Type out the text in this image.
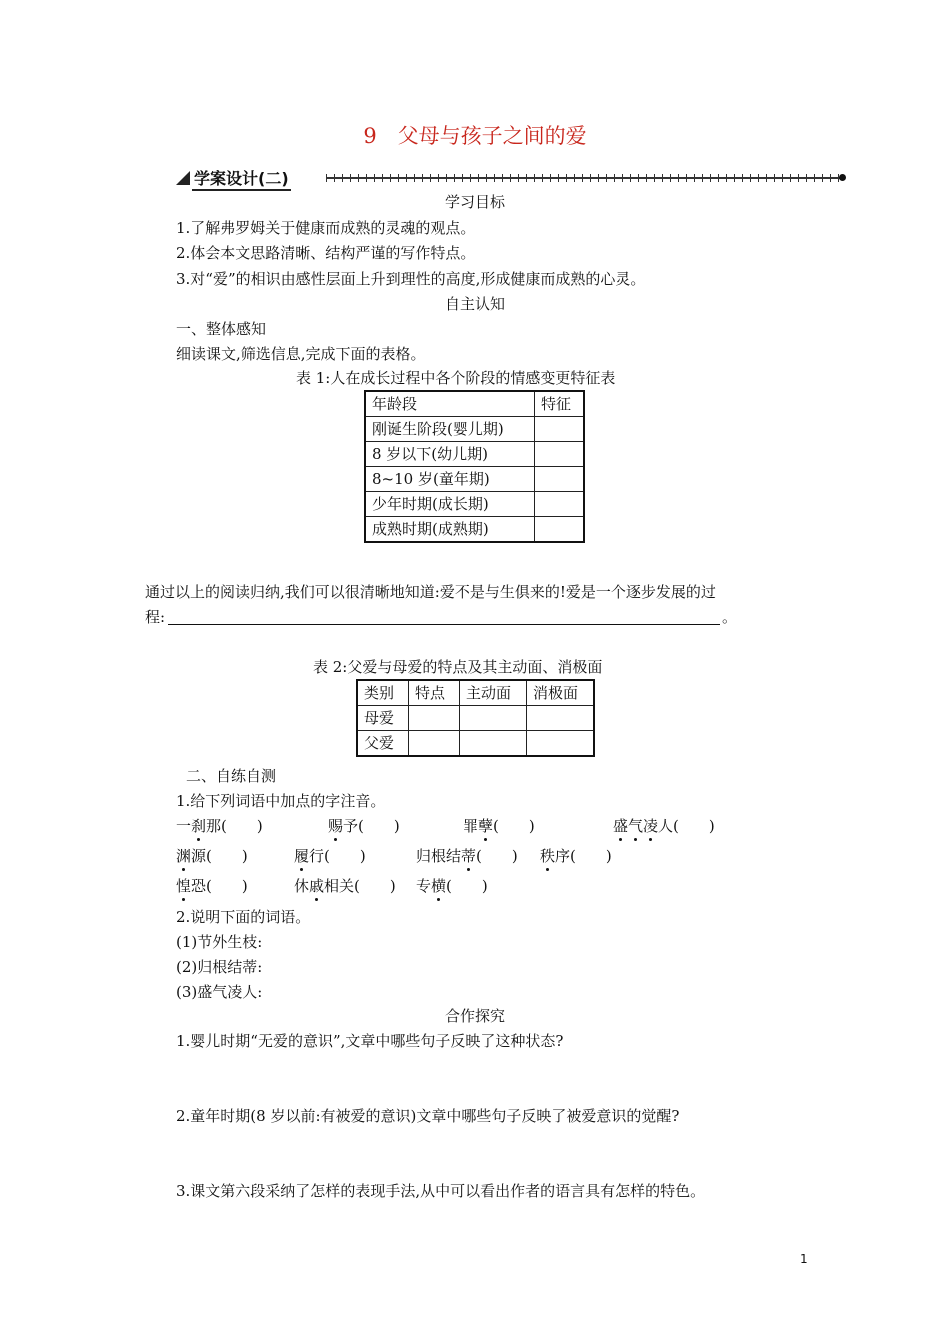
9　父母与孩子之间的爱
学案设计(二)
学习目标
1.了解弗罗姆关于健康而成熟的灵魂的观点。
2.体会本文思路清晰、结构严谨的写作特点。
3.对“爱”的相识由感性层面上升到理性的高度,形成健康而成熟的心灵。
自主认知
一、整体感知
细读课文,筛选信息,完成下面的表格。
表 1:人在成长过程中各个阶段的情感变更特征表
年龄段	特征
刚诞生阶段(婴儿期)	
8 岁以下(幼儿期)	
8~10 岁(童年期)	
少年时期(成长期)	
成熟时期(成熟期)	
通过以上的阅读归纳,我们可以很清晰地知道:爱不是与生俱来的!爱是一个逐步发展的过
程:	。
表 2:父爱与母爱的特点及其主动面、消极面
类别	特点	主动面	消极面
母爱			
父爱			
二、自练自测
1.给下列词语中加点的字注音。
一刹那(　　)	赐予(　　)	罪孽(　　)	盛气凌人(　　)
渊源(　　)	履行(　　)	归根结蒂(　　) 秩序(　　)
惶恐(　　)	休戚相关(　　) 专横(　　)
2.说明下面的词语。
(1)节外生枝:
(2)归根结蒂:
(3)盛气凌人:
合作探究
1.婴儿时期“无爱的意识”,文章中哪些句子反映了这种状态?
2.童年时期(8 岁以前:有被爱的意识)文章中哪些句子反映了被爱意识的觉醒?
3.课文第六段采纳了怎样的表现手法,从中可以看出作者的语言具有怎样的特色。
1
